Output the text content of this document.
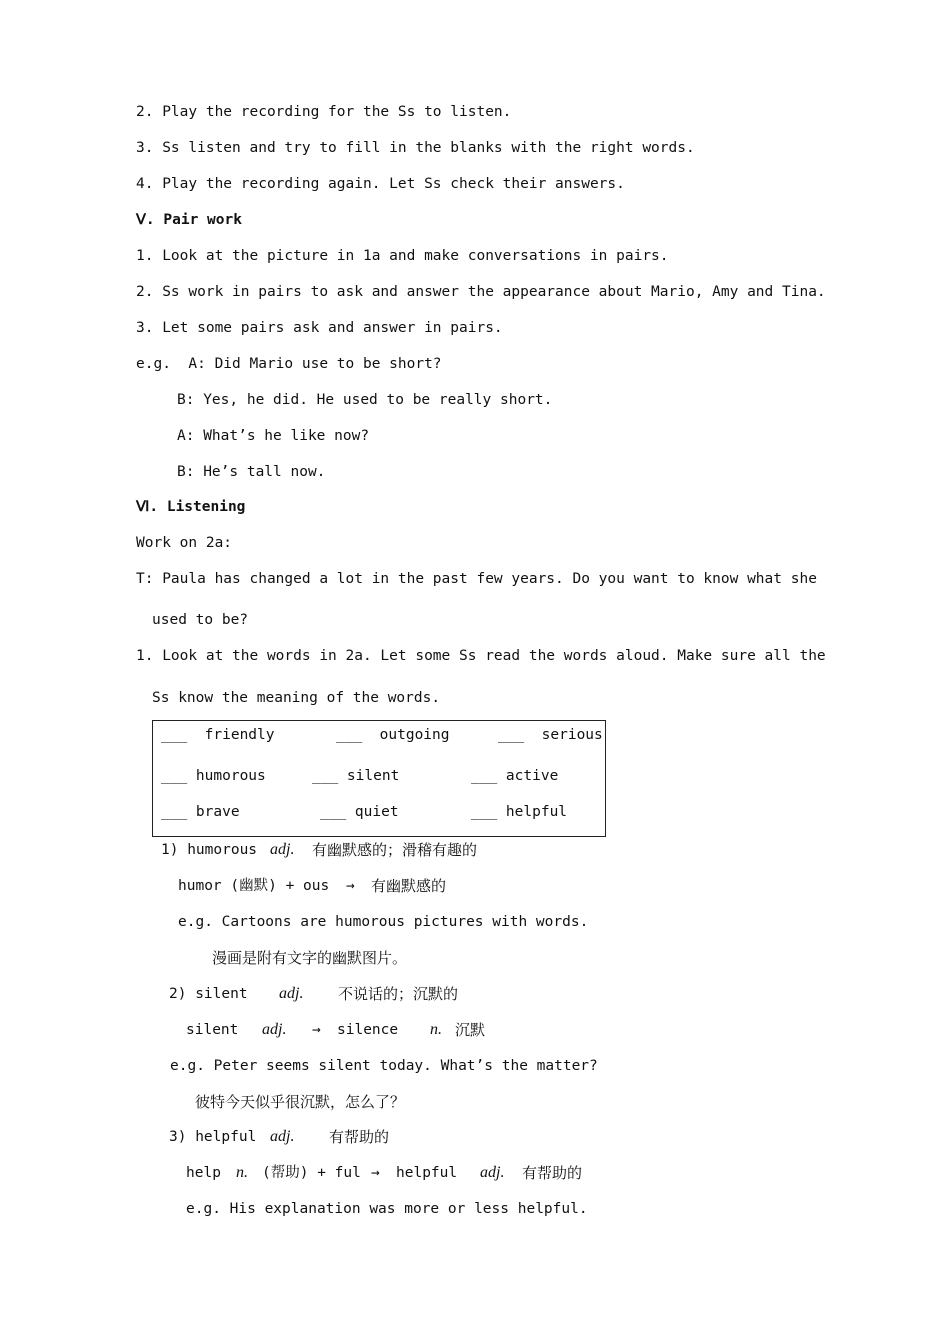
2. Play the recording for the Ss to listen.
3. Ss listen and try to fill in the blanks with the right words.
4. Play the recording again. Let Ss check their answers.
Ⅴ. Pair work
1. Look at the picture in 1a and make conversations in pairs.
2. Ss work in pairs to ask and answer the appearance about Mario, Amy and Tina.
3. Let some pairs ask and answer in pairs.
e.g.  A: Did Mario use to be short?
B: Yes, he did. He used to be really short.
A: What’s he like now?
B: He’s tall now.
Ⅵ. Listening
Work on 2a:
T: Paula has changed a lot in the past few years. Do you want to know what she
used to be?
1. Look at the words in 2a. Let some Ss read the words aloud. Make sure all the
Ss know the meaning of the words.
___  friendly	___  outgoing	___  serious
___ humorous	___ silent	___ active
___ brave	___ quiet	___ helpful
1) humorous adj. 有幽默感的；滑稽有趣的
humor (幽默) + ous → 有幽默感的
e.g. Cartoons are humorous pictures with words.
漫画是附有文字的幽默图片。
2) silent adj. 不说话的；沉默的
silent adj. → silence n. 沉默
e.g. Peter seems silent today. What’s the matter?
彼特今天似乎很沉默，怎么了？
3) helpful adj. 有帮助的
help n. (帮助) + ful → helpful adj. 有帮助的
e.g. His explanation was more or less helpful.
